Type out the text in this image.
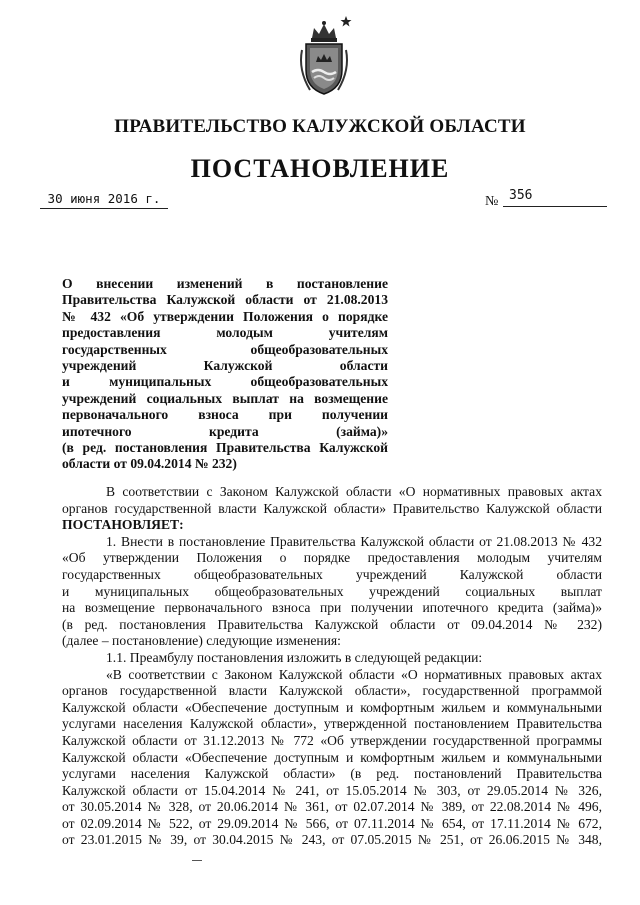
ПРАВИТЕЛЬСТВО КАЛУЖСКОЙ ОБЛАСТИ
ПОСТАНОВЛЕНИЕ
30 июня 2016 г.	№ 356
О внесении изменений в постановление
Правительства Калужской области от 21.08.2013
№ 432 «Об утверждении Положения о порядке
предоставления молодым учителям
государственных общеобразовательных
учреждений Калужской области
и муниципальных общеобразовательных
учреждений социальных выплат на возмещение
первоначального взноса при получении
ипотечного кредита (займа)»
(в ред. постановления Правительства Калужской
области от 09.04.2014 № 232)
В соответствии с Законом Калужской области «О нормативных правовых актах
органов государственной власти Калужской области» Правительство Калужской области
ПОСТАНОВЛЯЕТ:
1. Внести в постановление Правительства Калужской области от 21.08.2013 № 432
«Об утверждении Положения о порядке предоставления молодым учителям
государственных общеобразовательных учреждений Калужской области
и муниципальных общеобразовательных учреждений социальных выплат
на возмещение первоначального взноса при получении ипотечного кредита (займа)»
(в ред. постановления Правительства Калужской области от 09.04.2014 № 232)
(далее – постановление) следующие изменения:
1.1. Преамбулу постановления изложить в следующей редакции:
«В соответствии с Законом Калужской области «О нормативных правовых актах
органов государственной власти Калужской области», государственной программой
Калужской области «Обеспечение доступным и комфортным жильем и коммунальными
услугами населения Калужской области», утвержденной постановлением Правительства
Калужской области от 31.12.2013 № 772 «Об утверждении государственной программы
Калужской области «Обеспечение доступным и комфортным жильем и коммунальными
услугами населения Калужской области» (в ред. постановлений Правительства
Калужской области от 15.04.2014 № 241, от 15.05.2014 № 303, от 29.05.2014 № 326,
от 30.05.2014 № 328, от 20.06.2014 № 361, от 02.07.2014 № 389, от 22.08.2014 № 496,
от 02.09.2014 № 522, от 29.09.2014 № 566, от 07.11.2014 № 654, от 17.11.2014 № 672,
от 23.01.2015 № 39, от 30.04.2015 № 243, от 07.05.2015 № 251, от 26.06.2015 № 348,
